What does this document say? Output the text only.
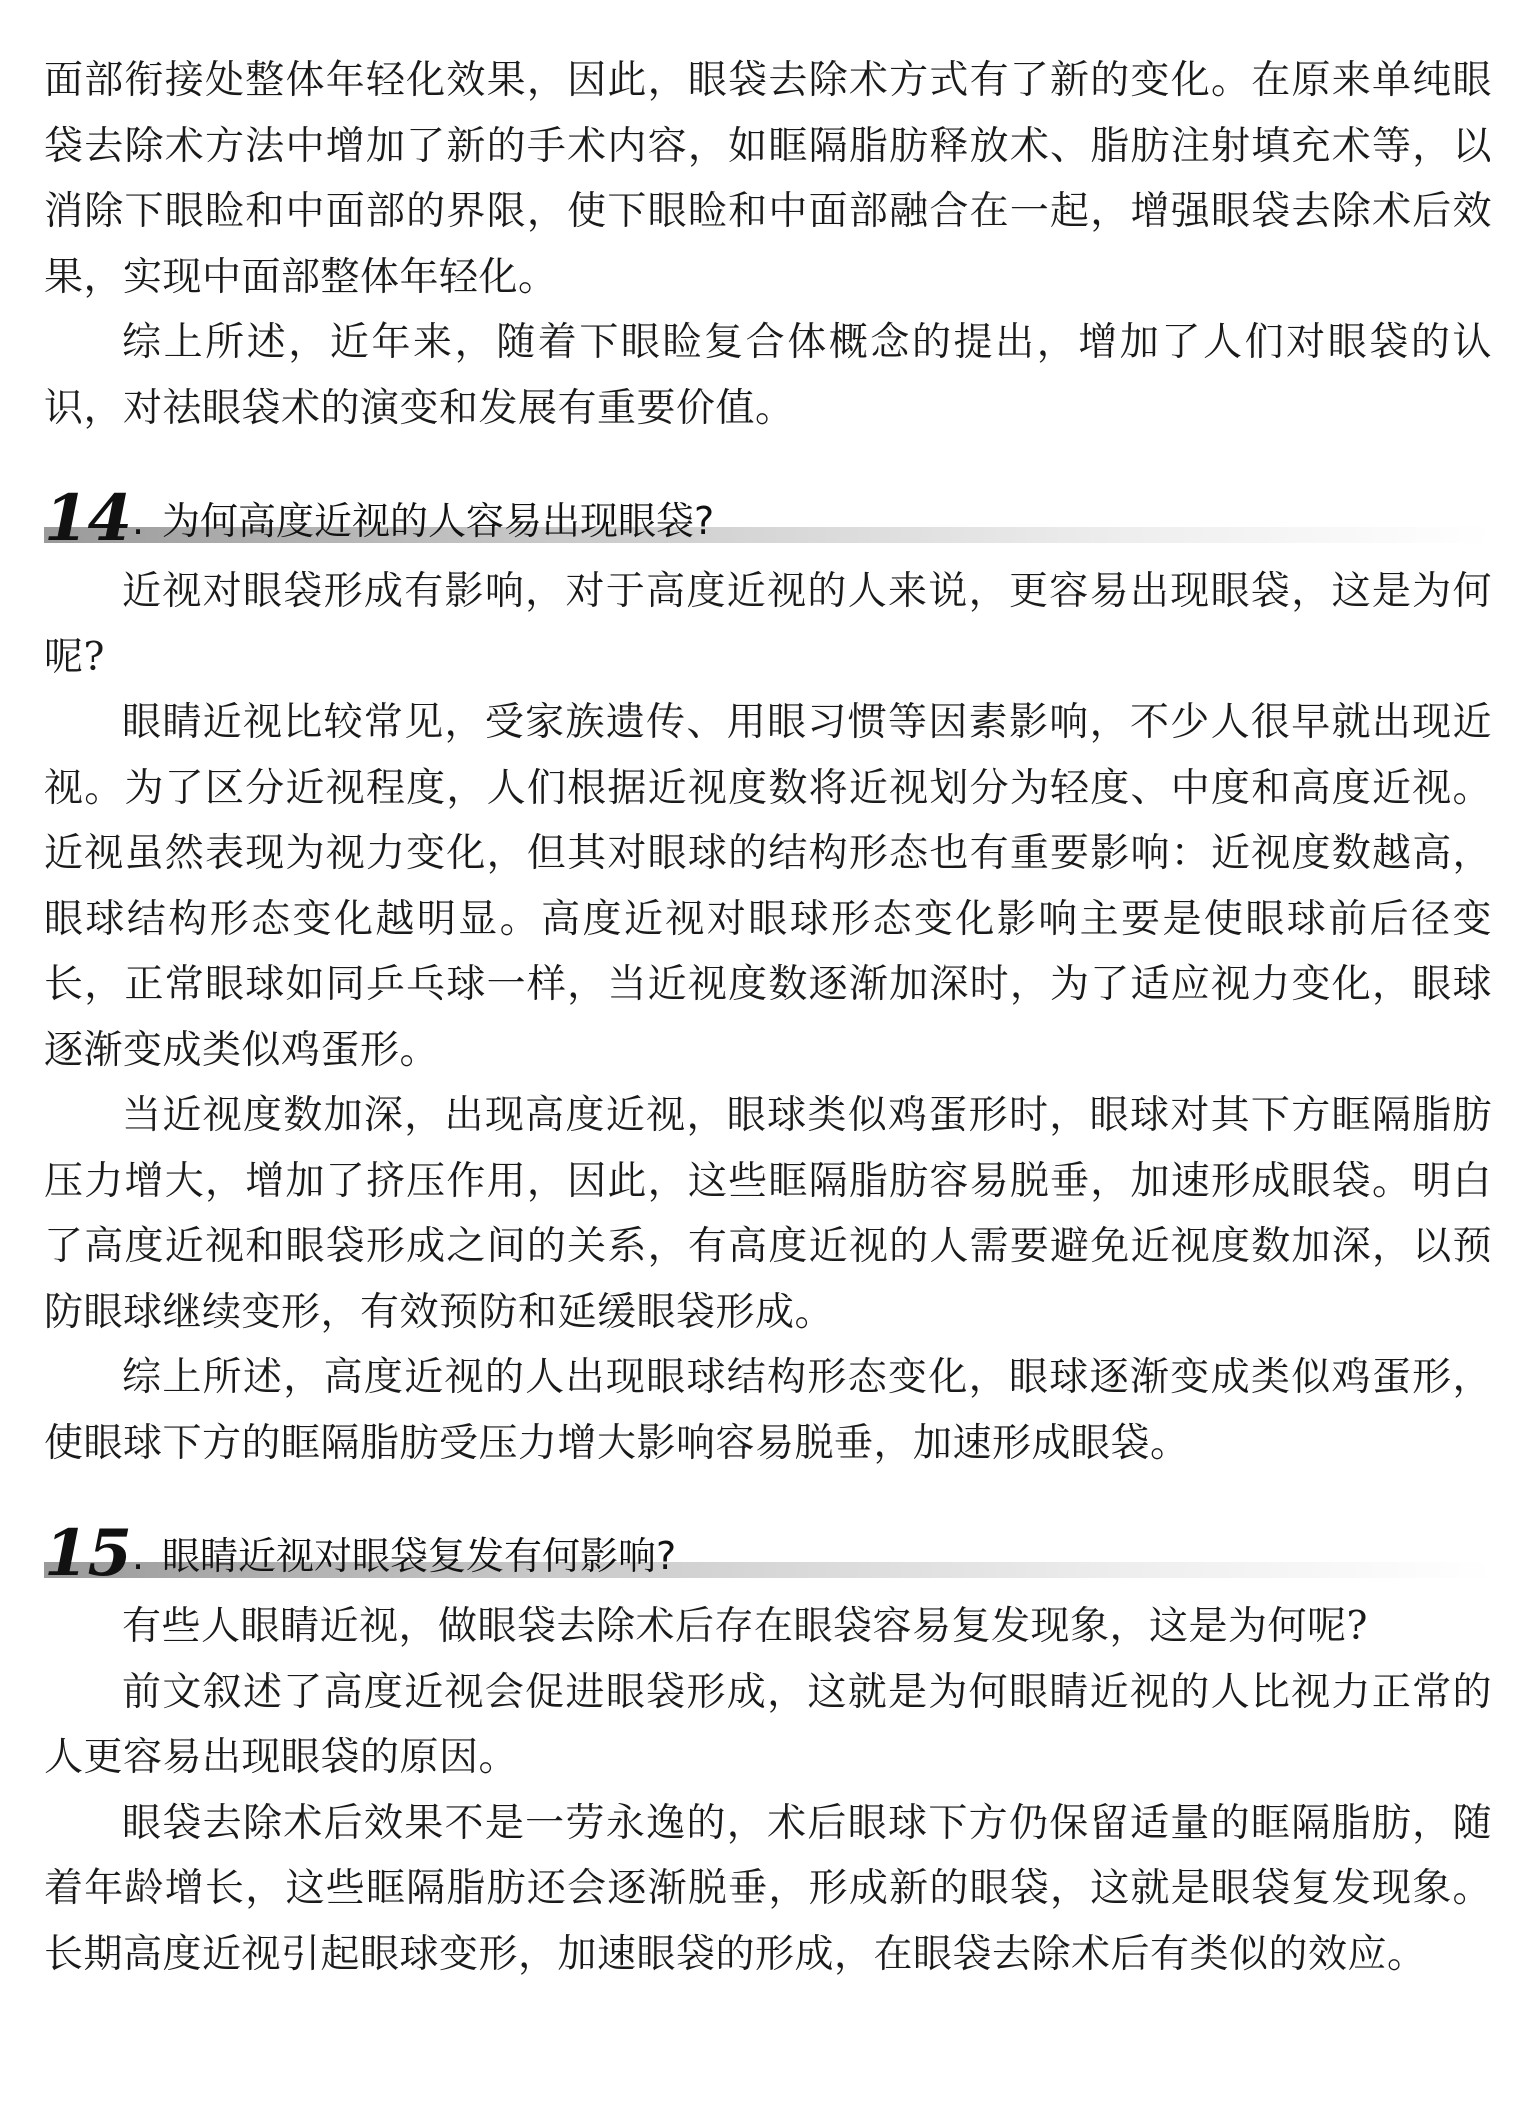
面部衔接处整体年轻化效果，因此，眼袋去除术方式有了新的变化。在原来单纯眼袋去除术方法中增加了新的手术内容，如眶隔脂肪释放术、脂肪注射填充术等，以消除下眼睑和中面部的界限，使下眼睑和中面部融合在一起，增强眼袋去除术后效果，实现中面部整体年轻化。

综上所述，近年来，随着下眼睑复合体概念的提出，增加了人们对眼袋的认识，对祛眼袋术的演变和发展有重要价值。

14 . 为何高度近视的人容易出现眼袋?

近视对眼袋形成有影响，对于高度近视的人来说，更容易出现眼袋，这是为何呢?

眼睛近视比较常见，受家族遗传、用眼习惯等因素影响，不少人很早就出现近视。为了区分近视程度，人们根据近视度数将近视划分为轻度、中度和高度近视。近视虽然表现为视力变化，但其对眼球的结构形态也有重要影响：近视度数越高，眼球结构形态变化越明显。高度近视对眼球形态变化影响主要是使眼球前后径变长，正常眼球如同乒乓球一样，当近视度数逐渐加深时，为了适应视力变化，眼球逐渐变成类似鸡蛋形。

当近视度数加深，出现高度近视，眼球类似鸡蛋形时，眼球对其下方眶隔脂肪压力增大，增加了挤压作用，因此，这些眶隔脂肪容易脱垂，加速形成眼袋。明白了高度近视和眼袋形成之间的关系，有高度近视的人需要避免近视度数加深，以预防眼球继续变形，有效预防和延缓眼袋形成。

综上所述，高度近视的人出现眼球结构形态变化，眼球逐渐变成类似鸡蛋形，使眼球下方的眶隔脂肪受压力增大影响容易脱垂，加速形成眼袋。

15 . 眼睛近视对眼袋复发有何影响?

有些人眼睛近视，做眼袋去除术后存在眼袋容易复发现象，这是为何呢?

前文叙述了高度近视会促进眼袋形成，这就是为何眼睛近视的人比视力正常的人更容易出现眼袋的原因。

眼袋去除术后效果不是一劳永逸的，术后眼球下方仍保留适量的眶隔脂肪，随着年龄增长，这些眶隔脂肪还会逐渐脱垂，形成新的眼袋，这就是眼袋复发现象。长期高度近视引起眼球变形，加速眼袋的形成，在眼袋去除术后有类似的效应。
